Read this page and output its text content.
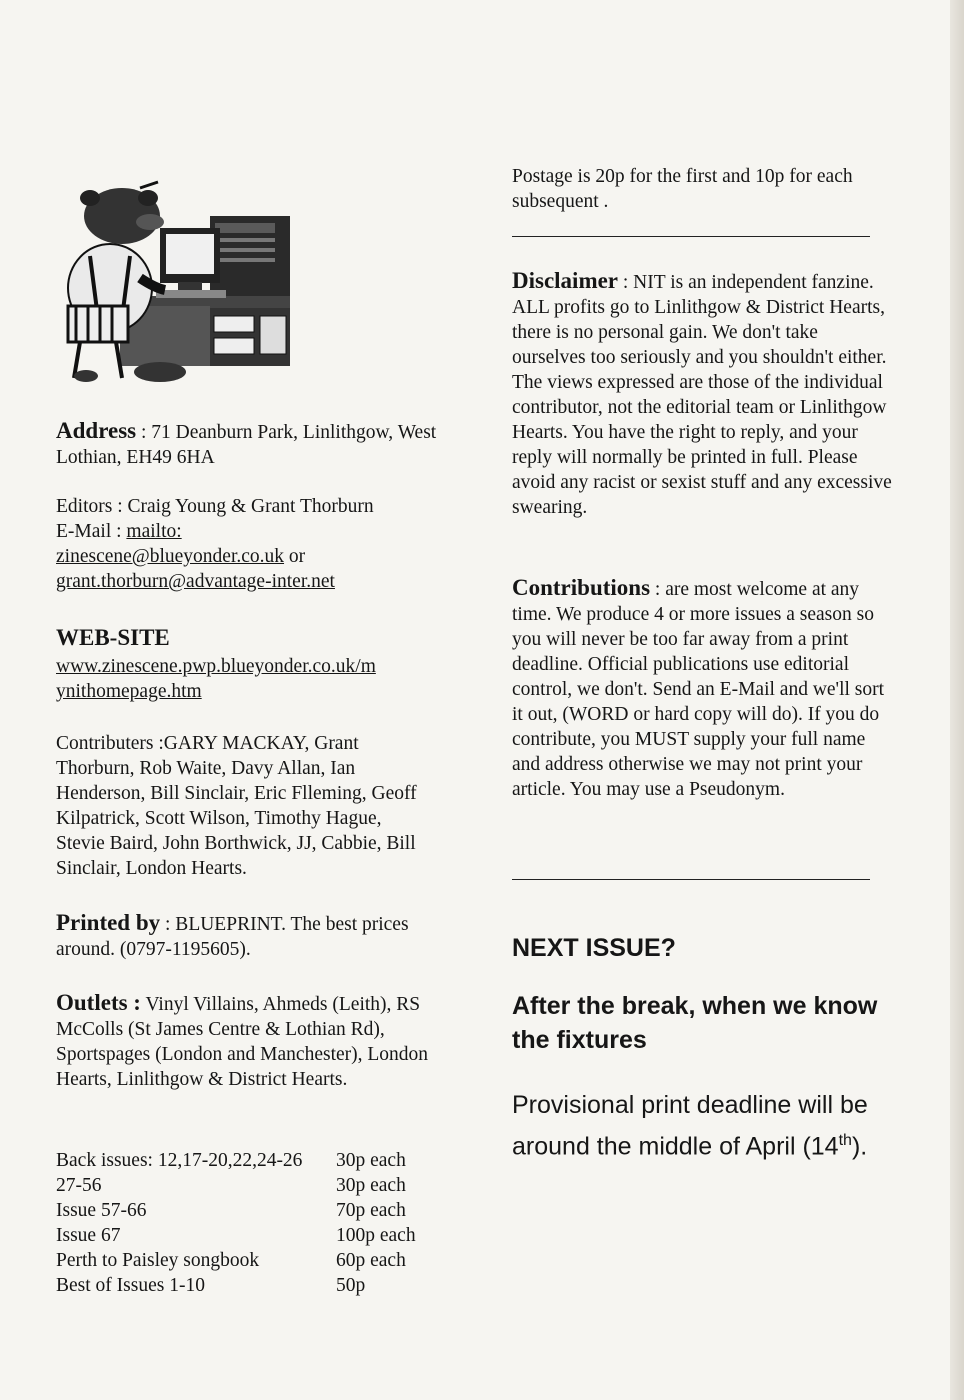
Address : 71 Deanburn Park, Linlithgow, West Lothian, EH49 6HA

Editors : Craig Young & Grant Thorburn
E-Mail : mailto:
zinescene@blueyonder.co.uk or
grant.thorburn@advantage-inter.net

WEB-SITE

www.zinescene.pwp.blueyonder.co.uk/m
ynithomepage.htm

Contributers :GARY MACKAY, Grant Thorburn, Rob Waite, Davy Allan, Ian Henderson, Bill Sinclair, Eric Flleming, Geoff Kilpatrick, Scott Wilson, Timothy Hague, Stevie Baird, John Borthwick, JJ, Cabbie, Bill Sinclair, London Hearts.

Printed by : BLUEPRINT. The best prices around. (0797-1195605).

Outlets : Vinyl Villains, Ahmeds (Leith), RS McColls (St James Centre & Lothian Rd), Sportspages (London and Manchester), London Hearts, Linlithgow & District Hearts.

Back issues: 12,17-20,22,24-26	30p each
27-56	30p each
Issue 57-66	70p each
Issue 67	100p each
Perth to Paisley songbook	60p each
Best of Issues 1-10	50p

Postage is 20p for the first and 10p for each subsequent .

Disclaimer : NIT is an independent fanzine. ALL profits go to Linlithgow & District Hearts, there is no personal gain. We don't take ourselves too seriously and you shouldn't either. The views expressed are those of the individual contributor, not the editorial team or Linlithgow Hearts. You have the right to reply, and your reply will normally be printed in full. Please avoid any racist or sexist stuff and any excessive swearing.

Contributions : are most welcome at any time. We produce 4 or more issues a season so you will never be too far away from a print deadline. Official publications use editorial control, we don't. Send an E-Mail and we'll sort it out, (WORD or hard copy will do). If you do contribute, you MUST supply your full name and address otherwise we may not print your article. You may use a Pseudonym.

NEXT ISSUE?

After the break, when we know the fixtures

Provisional print deadline will be around the middle of April (14th).
